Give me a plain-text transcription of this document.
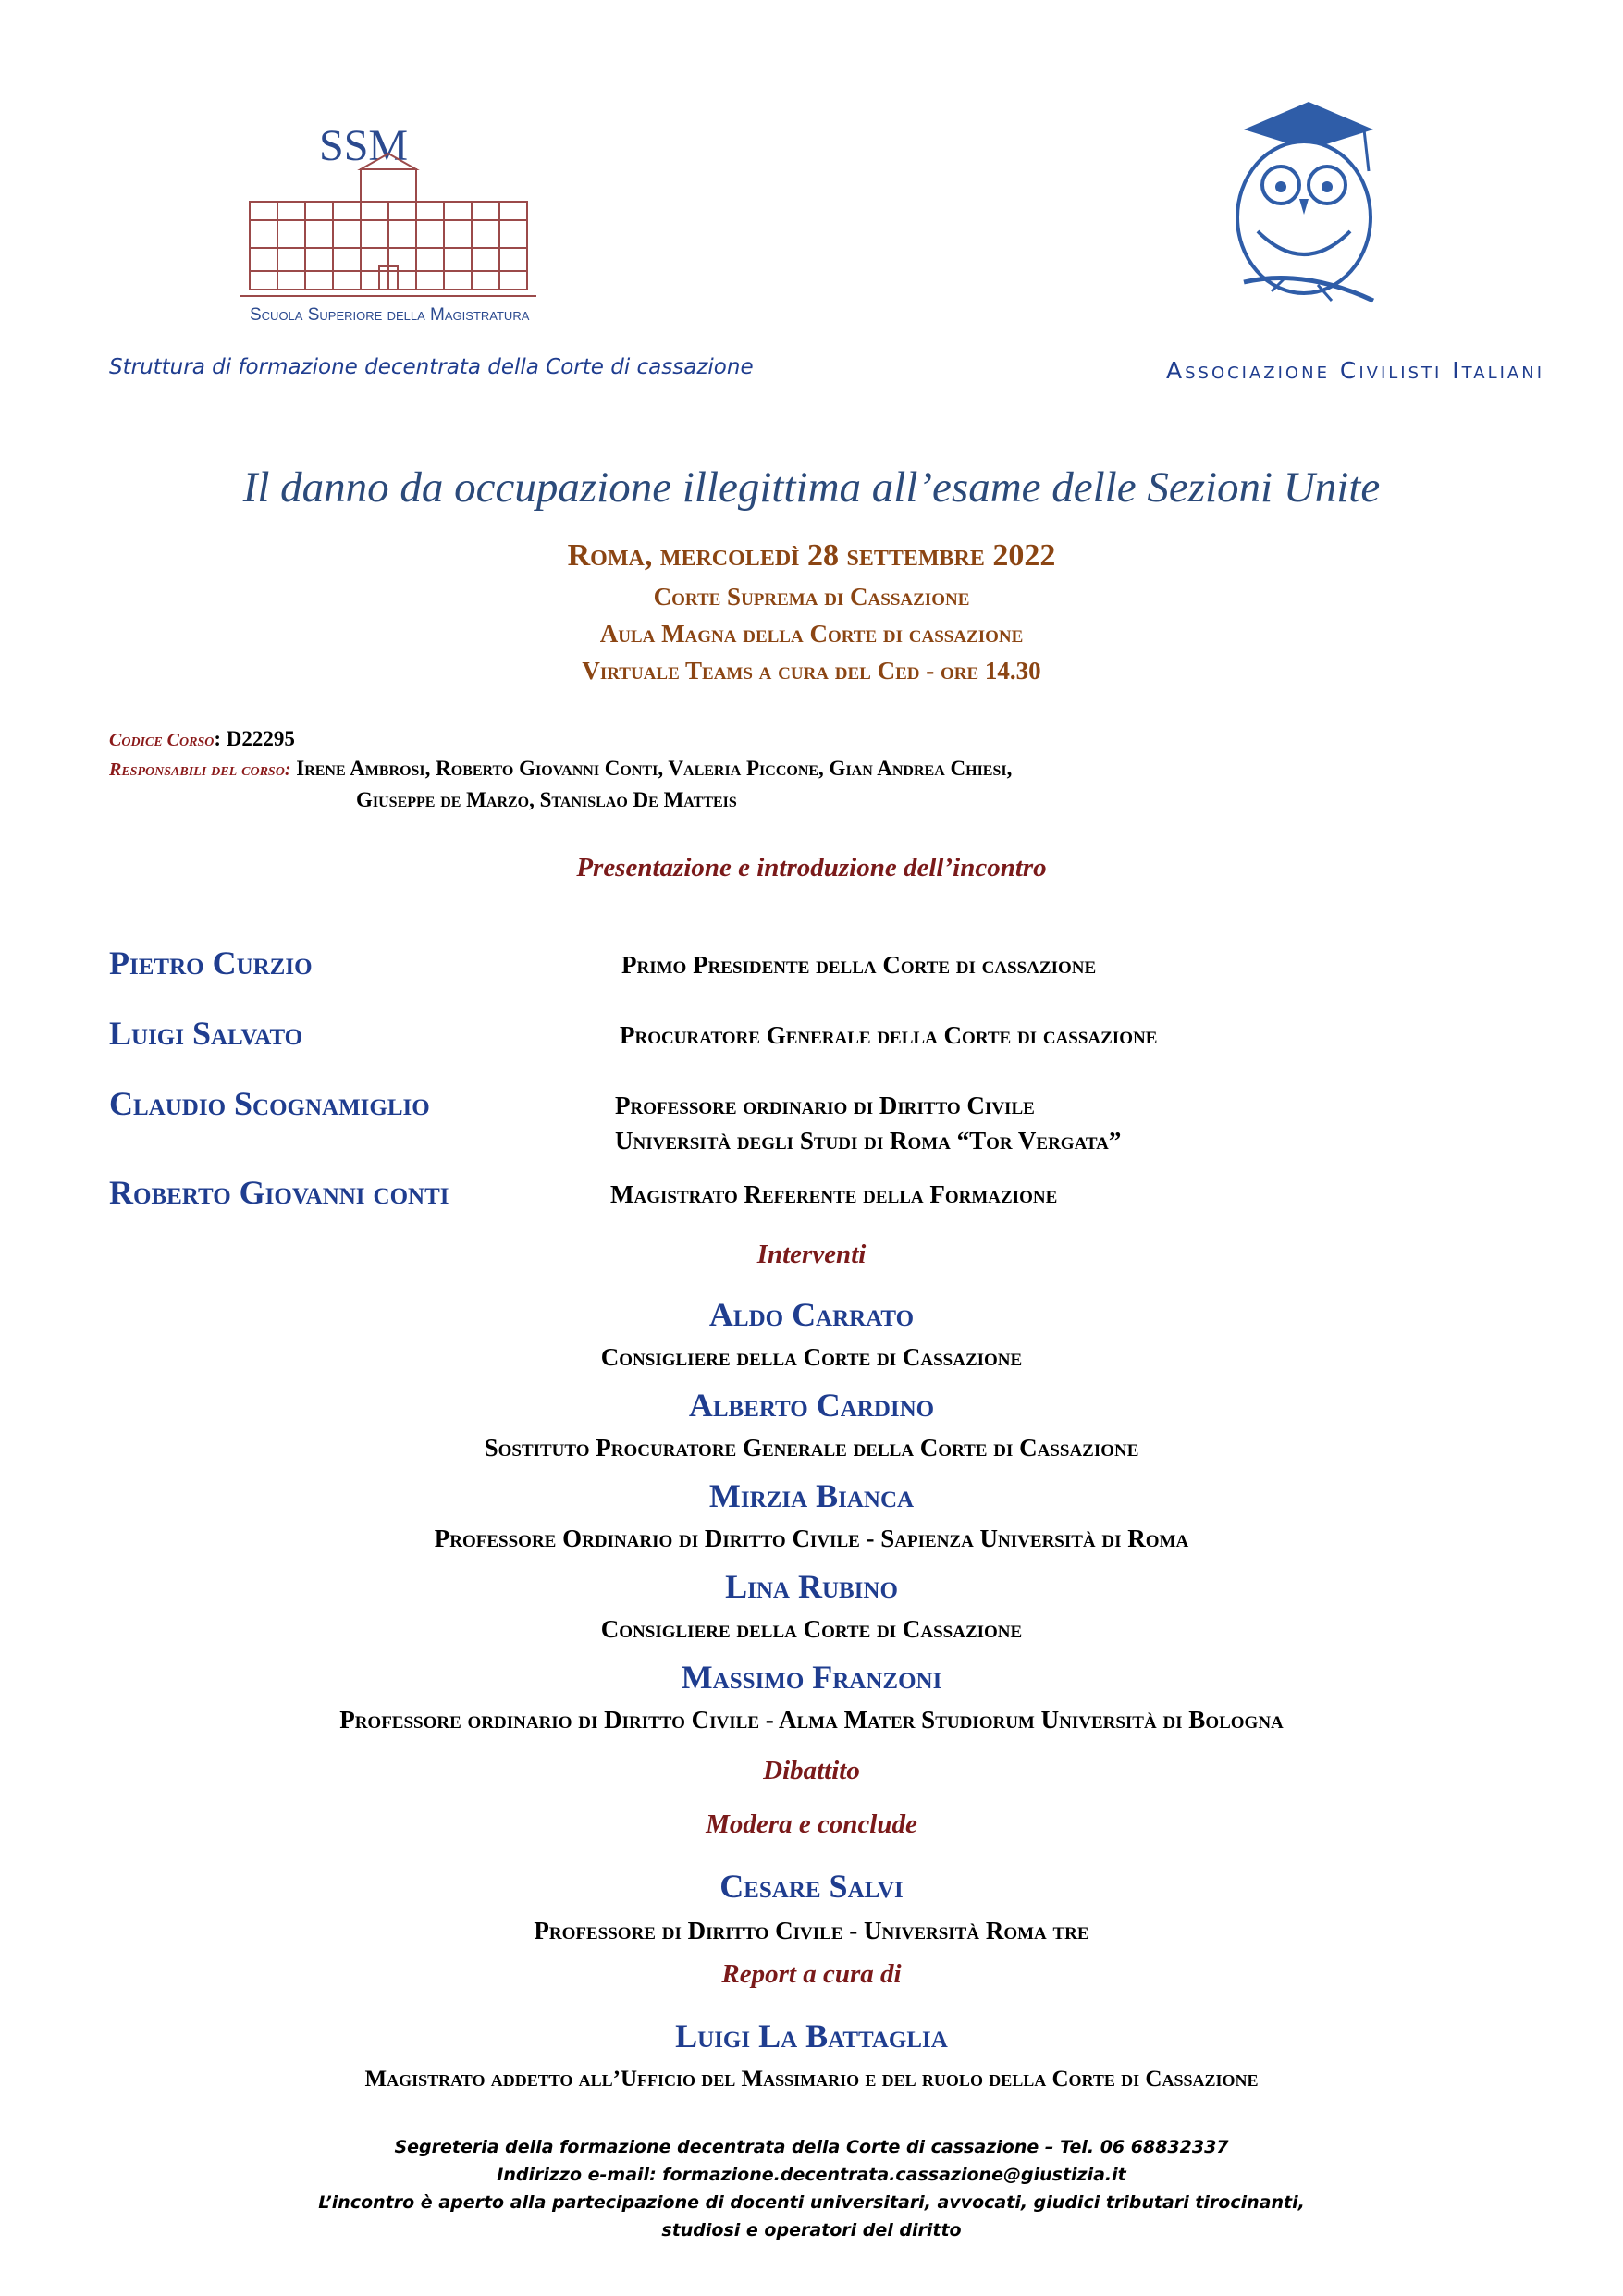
SSM
Scuola Superiore della Magistratura
Struttura di formazione decentrata della Corte di cassazione	Associazione Civilisti Italiani
Il danno da occupazione illegittima all’esame delle Sezioni Unite
Roma, mercoledì 28 settembre 2022
Corte Suprema di Cassazione
Aula Magna della Corte di cassazione
Virtuale Teams a cura del Ced - ore 14.30
Codice Corso: D22295
Responsabili del corso: Irene Ambrosi, Roberto Giovanni Conti, Valeria Piccone, Gian Andrea Chiesi,
Giuseppe de Marzo, Stanislao De Matteis
Presentazione e introduzione dell’incontro
Pietro Curzio	Primo Presidente della Corte di cassazione
Luigi Salvato	Procuratore Generale della Corte di cassazione
Claudio Scognamiglio	Professore ordinario di Diritto Civile
Università degli Studi di Roma “Tor Vergata”
Roberto Giovanni conti	Magistrato Referente della Formazione
Interventi
Aldo Carrato
Consigliere della Corte di Cassazione
Alberto Cardino
Sostituto Procuratore Generale della Corte di Cassazione
Mirzia Bianca
Professore Ordinario di Diritto Civile - Sapienza Università di Roma
Lina Rubino
Consigliere della Corte di Cassazione
Massimo Franzoni
Professore ordinario di Diritto Civile - Alma Mater Studiorum Università di Bologna
Dibattito
Modera e conclude
Cesare Salvi
Professore di Diritto Civile - Università Roma tre
Report a cura di
Luigi La Battaglia
Magistrato addetto all’Ufficio del Massimario e del ruolo della Corte di Cassazione
Segreteria della formazione decentrata della Corte di cassazione – Tel. 06 68832337
Indirizzo e-mail: formazione.decentrata.cassazione@giustizia.it
L’incontro è aperto alla partecipazione di docenti universitari, avvocati, giudici tributari tirocinanti,
studiosi e operatori del diritto
